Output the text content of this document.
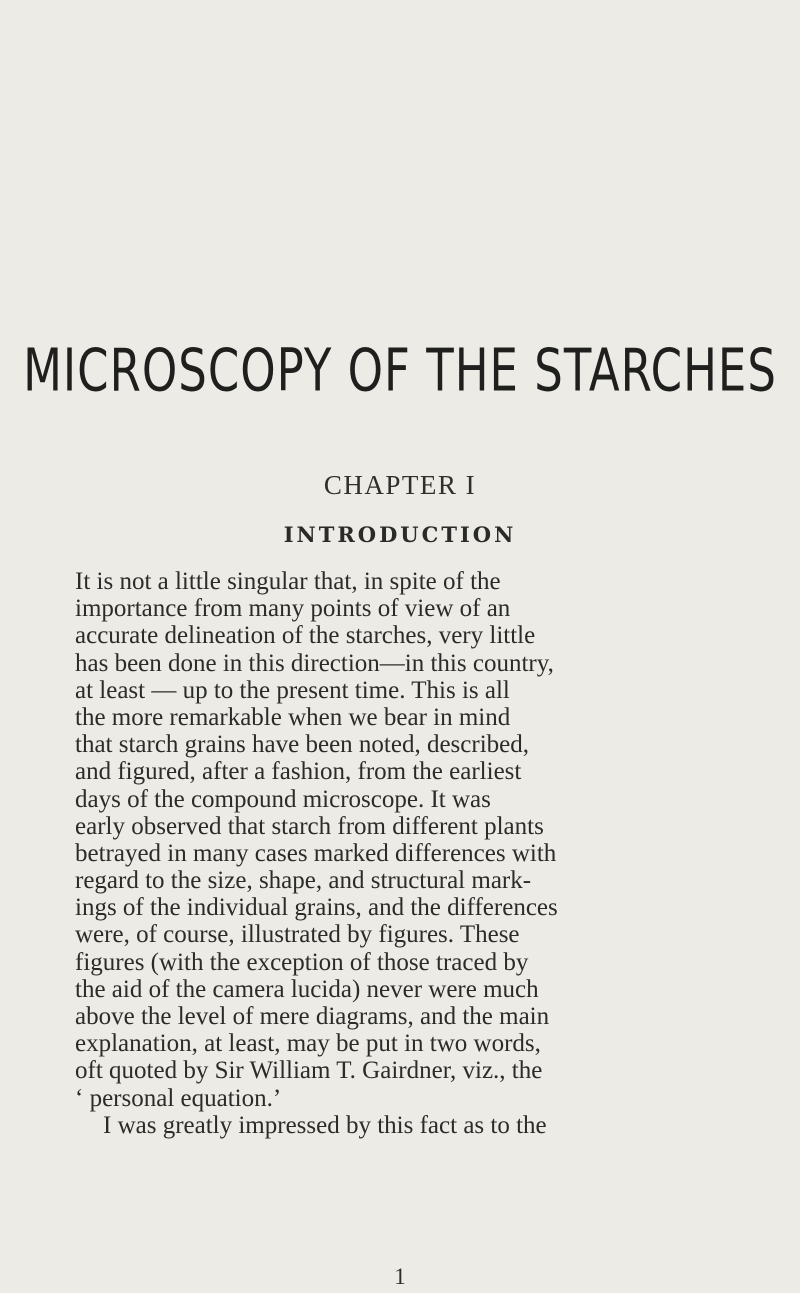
MICROSCOPY OF THE STARCHES
CHAPTER I
INTRODUCTION
It is not a little singular that, in spite of the
importance from many points of view of an
accurate delineation of the starches, very little
has been done in this direction—in this country,
at least — up to the present time. This is all
the more remarkable when we bear in mind
that starch grains have been noted, described,
and figured, after a fashion, from the earliest
days of the compound microscope. It was
early observed that starch from different plants
betrayed in many cases marked differences with
regard to the size, shape, and structural mark-
ings of the individual grains, and the differences
were, of course, illustrated by figures. These
figures (with the exception of those traced by
the aid of the camera lucida) never were much
above the level of mere diagrams, and the main
explanation, at least, may be put in two words,
oft quoted by Sir William T. Gairdner, viz., the
‘ personal equation.’
I was greatly impressed by this fact as to the
1
